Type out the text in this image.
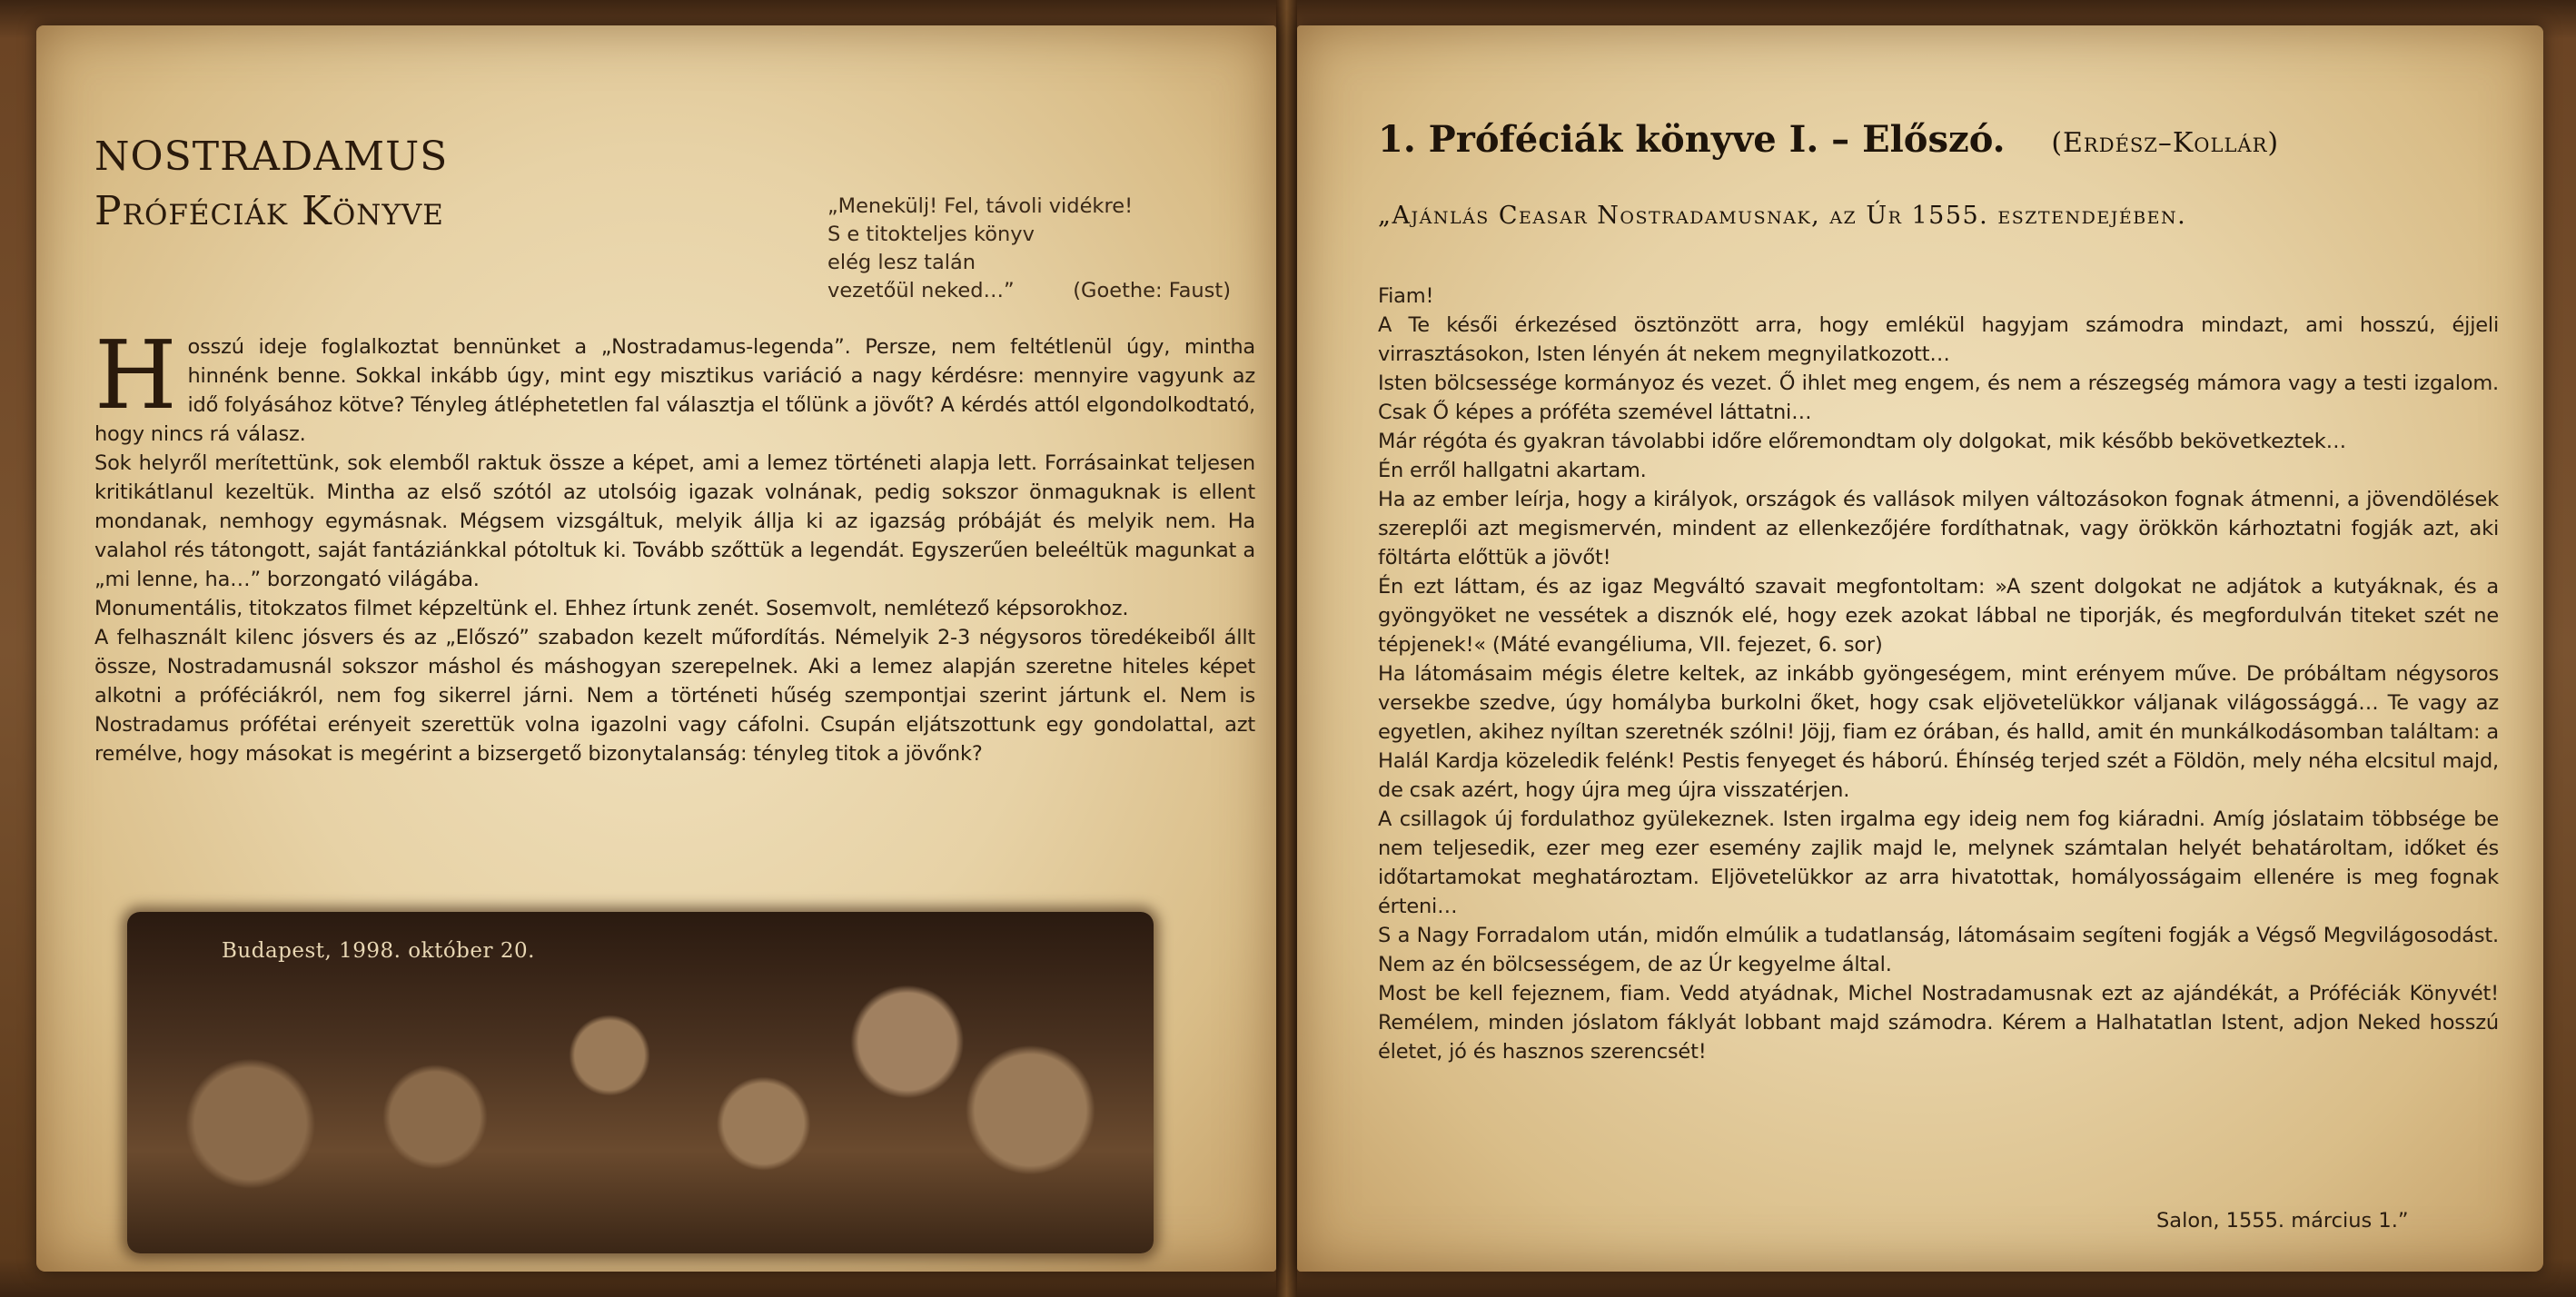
NOSTRADAMUS
Próféciák Könyve	„Menekülj! Fel, távoli vidékre!
S e titokteljes könyv
elég lesz talán
vezetőül neked…”	(Goethe: Faust)

Hosszú ideje foglalkoztat bennünket a „Nostradamus-legenda”. Persze, nem feltétlenül úgy, mintha hinnénk benne. Sokkal inkább úgy, mint egy misztikus variáció a nagy kérdésre: mennyire vagyunk az idő folyásához kötve? Tényleg átléphetetlen fal választja el tőlünk a jövőt? A kérdés attól elgondolkodtató, hogy nincs rá válasz.

Sok helyről merítettünk, sok elemből raktuk össze a képet, ami a lemez történeti alapja lett. Forrásainkat teljesen kritikátlanul kezeltük. Mintha az első szótól az utolsóig igazak volnának, pedig sokszor önmaguknak is ellent mondanak, nemhogy egymásnak. Mégsem vizsgáltuk, melyik állja ki az igazság próbáját és melyik nem. Ha valahol rés tátongott, saját fantáziánkkal pótoltuk ki. Tovább szőttük a legendát. Egyszerűen beleéltük magunkat a „mi lenne, ha…” borzongató világába.

Monumentális, titokzatos filmet képzeltünk el. Ehhez írtunk zenét. Sosemvolt, nemlétező képsorokhoz.

A felhasznált kilenc jósvers és az „Előszó” szabadon kezelt műfordítás. Némelyik 2-3 négysoros töredékeiből állt össze, Nostradamusnál sokszor máshol és máshogyan szerepelnek. Aki a lemez alapján szeretne hiteles képet alkotni a próféciákról, nem fog sikerrel járni. Nem a történeti hűség szempontjai szerint jártunk el. Nem is Nostradamus prófétai erényeit szerettük volna igazolni vagy cáfolni. Csupán eljátszottunk egy gondolattal, azt remélve, hogy másokat is megérint a bizsergető bizonytalanság: tényleg titok a jövőnk?

Budapest, 1998. október 20.
1. Próféciák könyve I. – Előszó. (Erdész–Kollár)
„Ajánlás Ceasar Nostradamusnak, az Úr 1555. esztendejében.

Fiam!

A Te késői érkezésed ösztönzött arra, hogy emlékül hagyjam számodra mindazt, ami hosszú, éjjeli virrasztásokon, Isten lényén át nekem megnyilatkozott…

Isten bölcsessége kormányoz és vezet. Ő ihlet meg engem, és nem a részegség mámora vagy a testi izgalom. Csak Ő képes a próféta szemével láttatni…

Már régóta és gyakran távolabbi időre előremondtam oly dolgokat, mik később bekövetkeztek…

Én erről hallgatni akartam.

Ha az ember leírja, hogy a királyok, országok és vallások milyen változásokon fognak átmenni, a jövendölések szereplői azt megismervén, mindent az ellenkezőjére fordíthatnak, vagy örökkön kárhoztatni fogják azt, aki föltárta előttük a jövőt!

Én ezt láttam, és az igaz Megváltó szavait megfontoltam: »A szent dolgokat ne adjátok a kutyáknak, és a gyöngyöket ne vessétek a disznók elé, hogy ezek azokat lábbal ne tiporják, és megfordulván titeket szét ne tépjenek!« (Máté evangéliuma, VII. fejezet, 6. sor)

Ha látomásaim mégis életre keltek, az inkább gyöngeségem, mint erényem műve. De próbáltam négysoros versekbe szedve, úgy homályba burkolni őket, hogy csak eljövetelükkor váljanak világossággá… Te vagy az egyetlen, akihez nyíltan szeretnék szólni! Jöjj, fiam ez órában, és halld, amit én munkálkodásomban találtam: a Halál Kardja közeledik felénk! Pestis fenyeget és háború. Éhínség terjed szét a Földön, mely néha elcsitul majd, de csak azért, hogy újra meg újra visszatérjen.

A csillagok új fordulathoz gyülekeznek. Isten irgalma egy ideig nem fog kiáradni. Amíg jóslataim többsége be nem teljesedik, ezer meg ezer esemény zajlik majd le, melynek számtalan helyét behatároltam, időket és időtartamokat meghatároztam. Eljövetelükkor az arra hivatottak, homályosságaim ellenére is meg fognak érteni…

S a Nagy Forradalom után, midőn elmúlik a tudatlanság, látomásaim segíteni fogják a Végső Megvilágosodást. Nem az én bölcsességem, de az Úr kegyelme által.

Most be kell fejeznem, fiam. Vedd atyádnak, Michel Nostradamusnak ezt az ajándékát, a Próféciák Könyvét! Remélem, minden jóslatom fáklyát lobbant majd számodra. Kérem a Halhatatlan Istent, adjon Neked hosszú életet, jó és hasznos szerencsét!

Salon, 1555. március 1.”
